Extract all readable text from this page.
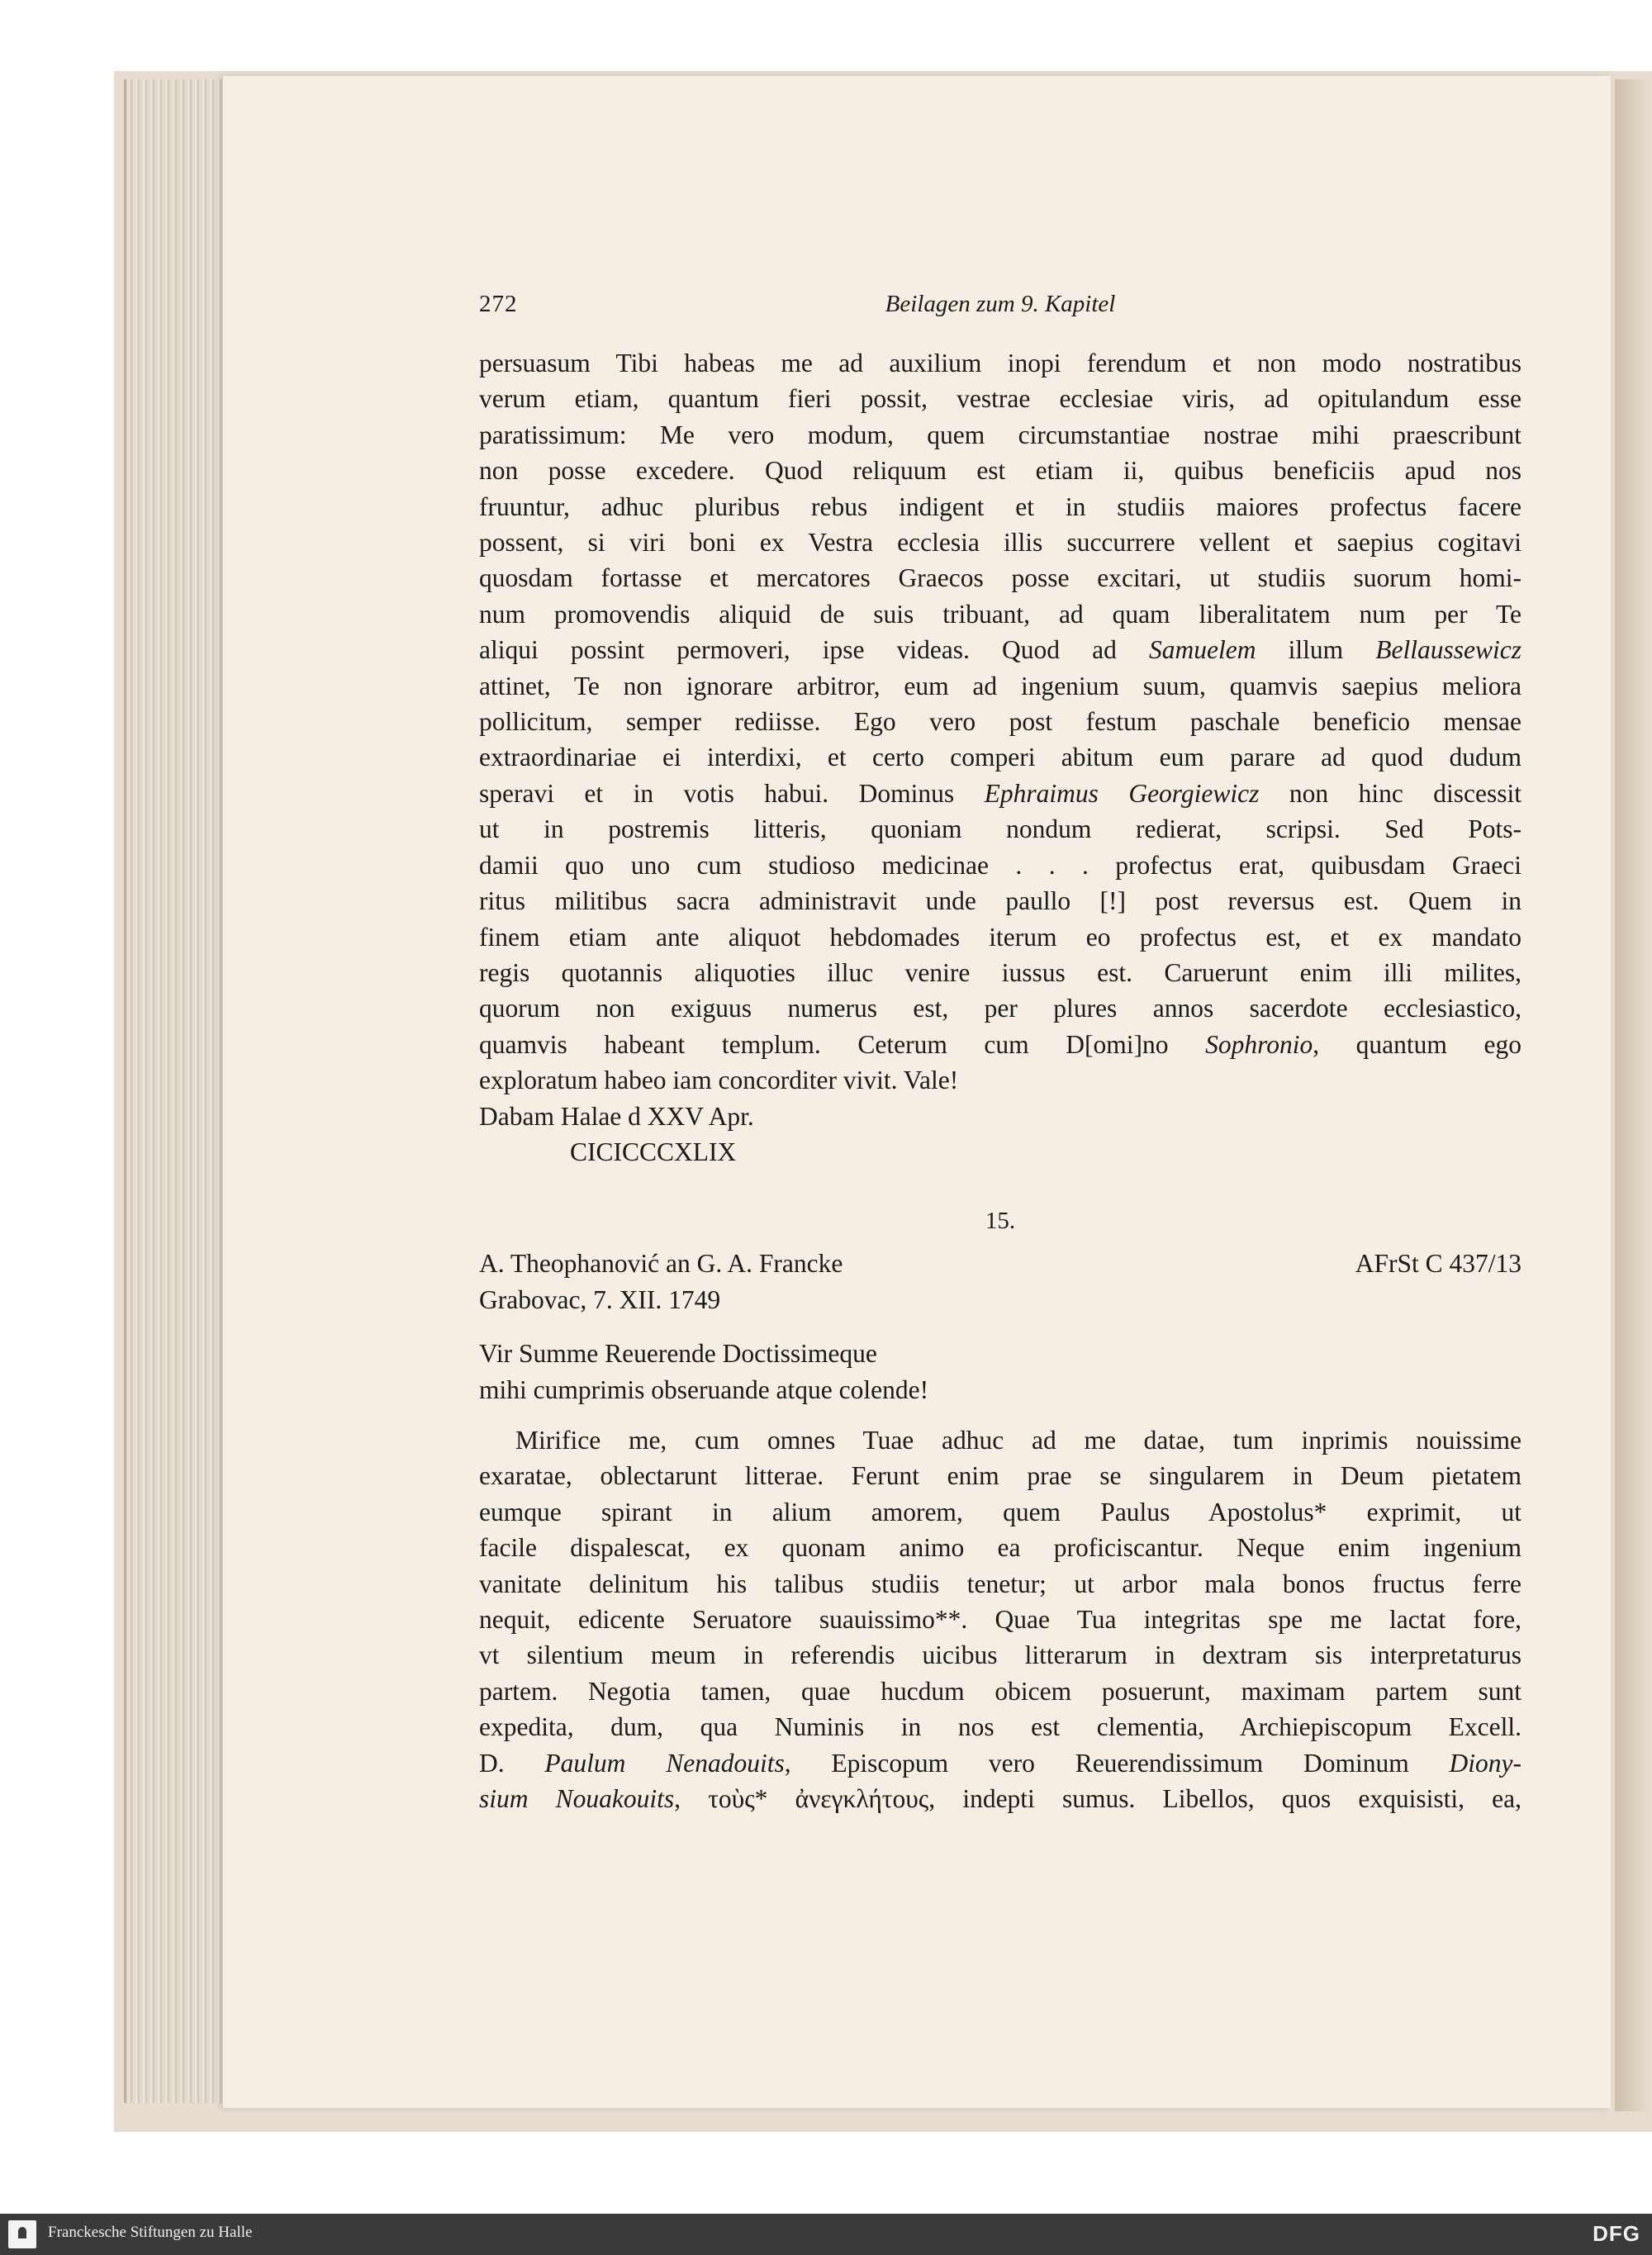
272	Beilagen zum 9. Kapitel
persuasum Tibi habeas me ad auxilium inopi ferendum et non modo nostratibus
verum etiam, quantum fieri possit, vestrae ecclesiae viris, ad opitulandum esse
paratissimum: Me vero modum, quem circumstantiae nostrae mihi praescribunt
non posse excedere. Quod reliquum est etiam ii, quibus beneficiis apud nos
fruuntur, adhuc pluribus rebus indigent et in studiis maiores profectus facere
possent, si viri boni ex Vestra ecclesia illis succurrere vellent et saepius cogitavi
quosdam fortasse et mercatores Graecos posse excitari, ut studiis suorum homi-
num promovendis aliquid de suis tribuant, ad quam liberalitatem num per Te
aliqui possint permoveri, ipse videas. Quod ad Samuelem illum Bellaussewicz
attinet, Te non ignorare arbitror, eum ad ingenium suum, quamvis saepius meliora
pollicitum, semper rediisse. Ego vero post festum paschale beneficio mensae
extraordinariae ei interdixi, et certo comperi abitum eum parare ad quod dudum
speravi et in votis habui. Dominus Ephraimus Georgiewicz non hinc discessit
ut in postremis litteris, quoniam nondum redierat, scripsi. Sed Pots-
damii quo uno cum studioso medicinae . . . profectus erat, quibusdam Graeci
ritus militibus sacra administravit unde paullo [!] post reversus est. Quem in
finem etiam ante aliquot hebdomades iterum eo profectus est, et ex mandato
regis quotannis aliquoties illuc venire iussus est. Caruerunt enim illi milites,
quorum non exiguus numerus est, per plures annos sacerdote ecclesiastico,
quamvis habeant templum. Ceterum cum D[omi]no Sophronio, quantum ego
exploratum habeo iam concorditer vivit. Vale!
Dabam Halae d XXV Apr.
CICICCCXLIX
15.
A. Theophanović an G. A. Francke	AFrSt C 437/13
Grabovac, 7. XII. 1749
Vir Summe Reuerende Doctissimeque
mihi cumprimis obseruande atque colende!
Mirifice me, cum omnes Tuae adhuc ad me datae, tum inprimis nouissime
exaratae, oblectarunt litterae. Ferunt enim prae se singularem in Deum pietatem
eumque spirant in alium amorem, quem Paulus Apostolus* exprimit, ut
facile dispalescat, ex quonam animo ea proficiscantur. Neque enim ingenium
vanitate delinitum his talibus studiis tenetur; ut arbor mala bonos fructus ferre
nequit, edicente Seruatore suauissimo**. Quae Tua integritas spe me lactat fore,
vt silentium meum in referendis uicibus litterarum in dextram sis interpretaturus
partem. Negotia tamen, quae hucdum obicem posuerunt, maximam partem sunt
expedita, dum, qua Numinis in nos est clementia, Archiepiscopum Excell.
D. Paulum Nenadouits, Episcopum vero Reuerendissimum Dominum Diony-
sium Nouakouits, τοὺς* ἀνεγκλήτους, indepti sumus. Libellos, quos exquisisti, ea,
Franckesche Stiftungen zu Halle	DFG
